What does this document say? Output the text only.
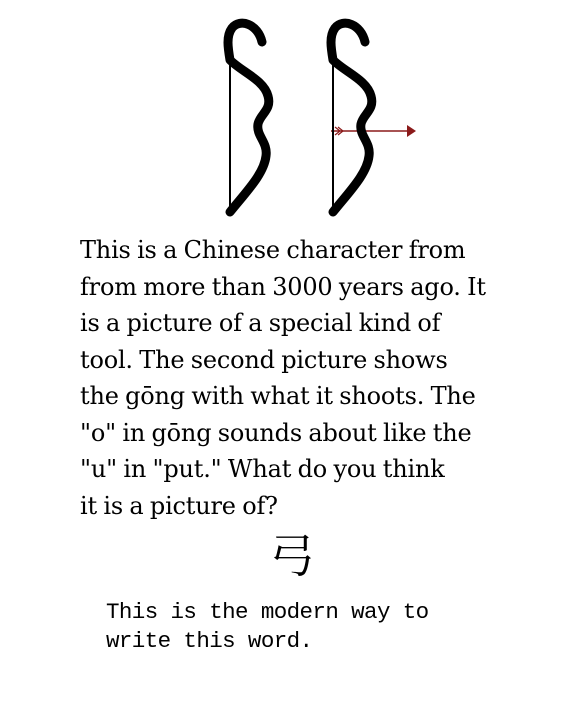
This is a Chinese character from
from more than 3000 years ago. It
is a picture of a special kind of
tool. The second picture shows
the gōng with what it shoots. The
"o" in gōng sounds about like the
"u" in "put." What do you think
it is a picture of?
弓
This is the modern way to
write this word.
